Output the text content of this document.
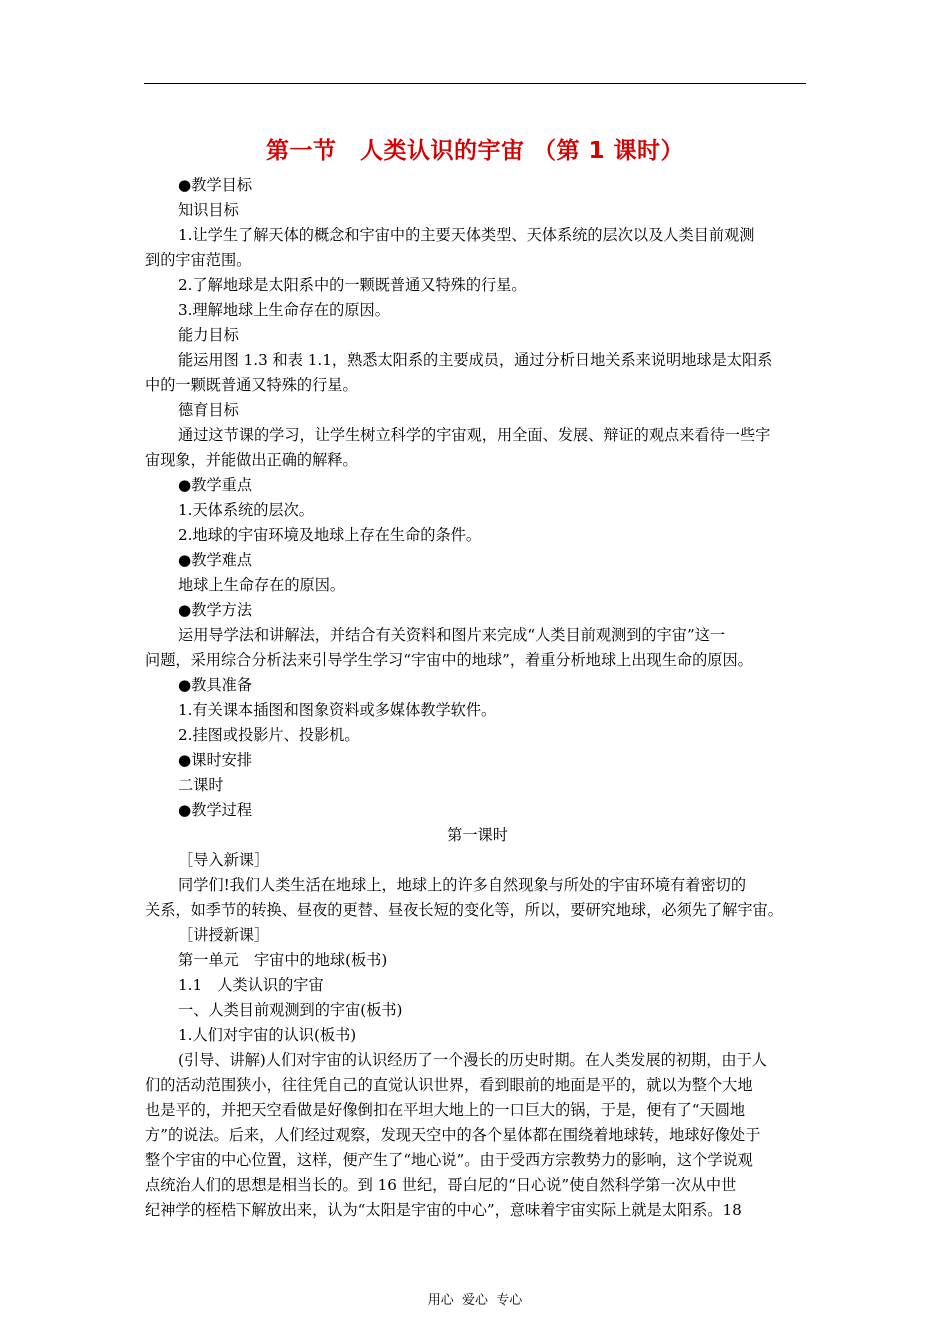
第一节　人类认识的宇宙 （第 1 课时）
●教学目标
知识目标
1.让学生了解天体的概念和宇宙中的主要天体类型、天体系统的层次以及人类目前观测
到的宇宙范围。
2.了解地球是太阳系中的一颗既普通又特殊的行星。
3.理解地球上生命存在的原因。
能力目标
能运用图 1.3 和表 1.1，熟悉太阳系的主要成员，通过分析日地关系来说明地球是太阳系
中的一颗既普通又特殊的行星。
德育目标
通过这节课的学习，让学生树立科学的宇宙观，用全面、发展、辩证的观点来看待一些宇
宙现象，并能做出正确的解释。
●教学重点
1.天体系统的层次。
2.地球的宇宙环境及地球上存在生命的条件。
●教学难点
地球上生命存在的原因。
●教学方法
运用导学法和讲解法，并结合有关资料和图片来完成“人类目前观测到的宇宙”这一
问题，采用综合分析法来引导学生学习“宇宙中的地球”，着重分析地球上出现生命的原因。
●教具准备
1.有关课本插图和图象资料或多媒体教学软件。
2.挂图或投影片、投影机。
●课时安排
二课时
●教学过程
第一课时
［导入新课］
同学们!我们人类生活在地球上，地球上的许多自然现象与所处的宇宙环境有着密切的
关系，如季节的转换、昼夜的更替、昼夜长短的变化等，所以，要研究地球，必须先了解宇宙。
［讲授新课］
第一单元　宇宙中的地球(板书)
1.1　人类认识的宇宙
一、人类目前观测到的宇宙(板书)
1.人们对宇宙的认识(板书)
(引导、讲解)人们对宇宙的认识经历了一个漫长的历史时期。在人类发展的初期，由于人
们的活动范围狭小，往往凭自己的直觉认识世界，看到眼前的地面是平的，就以为整个大地
也是平的，并把天空看做是好像倒扣在平坦大地上的一口巨大的锅，于是，便有了“天圆地
方”的说法。后来，人们经过观察，发现天空中的各个星体都在围绕着地球转，地球好像处于
整个宇宙的中心位置，这样，便产生了“地心说”。由于受西方宗教势力的影响，这个学说观
点统治人们的思想是相当长的。到 16 世纪，哥白尼的“日心说”使自然科学第一次从中世
纪神学的桎梏下解放出来，认为“太阳是宇宙的中心”，意味着宇宙实际上就是太阳系。18
用心  爱心  专心
